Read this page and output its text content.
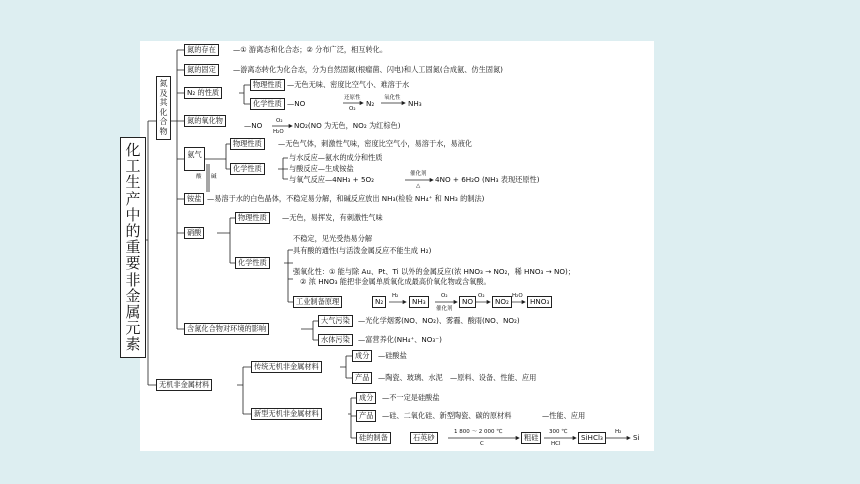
化工生产中的重要非金属元素
氮及其化合物
氮的存在	—① 游离态和化合态；② 分布广泛，相互转化。
氮的固定	—游离态转化为化合态，分为自然固氮(根瘤菌、闪电)和人工固氮(合成氨、仿生固氮)
N₂ 的性质
物理性质 —无色无味、密度比空气小、难溶于水
化学性质 —NO
还原性
O₂
N₂
氧化性
NH₃
氮的氧化物
—NO	O₂
H₂O
NO₂(NO 为无色，NO₂ 为红棕色)
氨气
酸 碱
物理性质	—无色气体，刺激性气味，密度比空气小，易溶于水，易液化
化学性质
与水反应—氨水的成分和性质
与酸反应—生成铵盐
与氧气反应—4NH₃ + 5O₂
催化剂
△
4NO + 6H₂O (NH₃ 表现还原性)
铵盐 —易溶于水的白色晶体，不稳定易分解，和碱反应放出 NH₃(检验 NH₄⁺ 和 NH₃ 的制法)
硝酸
物理性质	—无色，易挥发，有刺激性气味
化学性质
不稳定，见光受热易分解
具有酸的通性(与活泼金属反应不能生成 H₂)
强氧化性：① 能与除 Au、Pt、Ti 以外的金属反应(浓 HNO₃ → NO₂，稀 HNO₃ → NO)；
② 浓 HNO₃ 能把非金属单质氧化成最高价氧化物或含氧酸。
工业制备原理	N₂	NH₃	NO	NO₂	HNO₃
H₂	O₂
催化剂
O₂	H₂O
含氮化合物对环境的影响
大气污染	—光化学烟雾(NO、NO₂)、雾霾、酸雨(NO、NO₂)
水体污染	—富营养化(NH₄⁺、NO₃⁻)
无机非金属材料
传统无机非金属材料
成分	—硅酸盐
产品	—陶瓷、玻璃、水泥 —原料、设备、性能、应用
新型无机非金属材料
成分	—不一定是硅酸盐
产品	—硅、二氧化硅、新型陶瓷、碳的原材料	—性能、应用
硅的制备	石英砂
1 800 ～ 2 000 ℃
C
粗硅
300 ℃
HCl
SiHCl₃
H₂
Si
